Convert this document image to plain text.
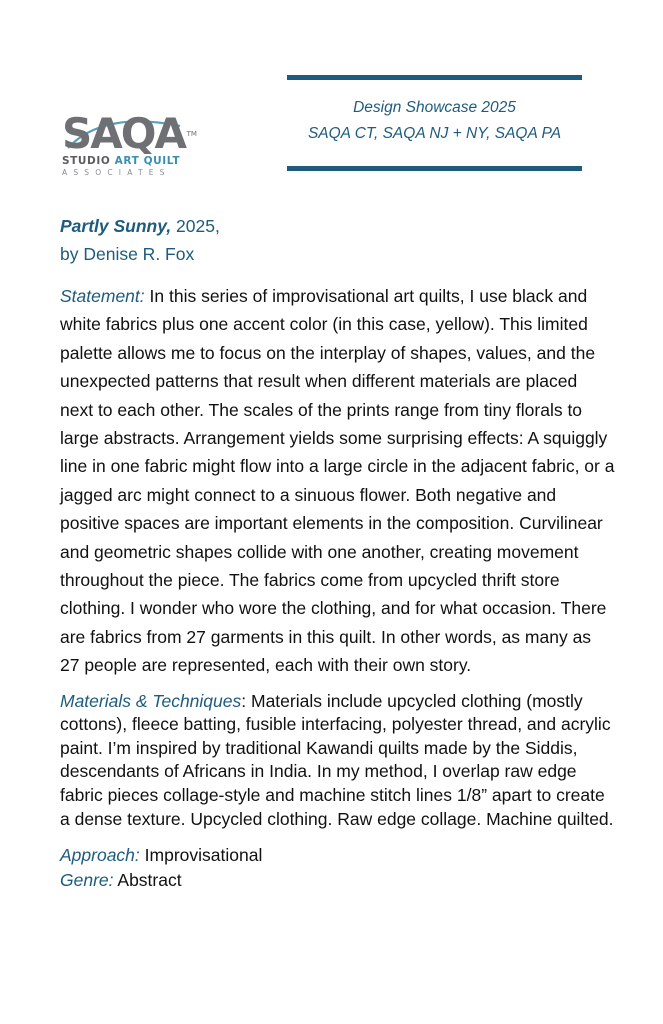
SAQA TM
STUDIO ART QUILT
ASSOCIATES
Design Showcase 2025
SAQA CT, SAQA NJ + NY, SAQA PA
Partly Sunny, 2025,
by Denise R. Fox

Statement: In this series of improvisational art quilts, I use black and white fabrics plus one accent color (in this case, yellow). This limited palette allows me to focus on the interplay of shapes, values, and the unexpected patterns that result when different materials are placed next to each other. The scales of the prints range from tiny florals to large abstracts. Arrangement yields some surprising effects: A squiggly line in one fabric might flow into a large circle in the adjacent fabric, or a jagged arc might connect to a sinuous flower. Both negative and positive spaces are important elements in the composition. Curvilinear and geometric shapes collide with one another, creating movement throughout the piece. The fabrics come from upcycled thrift store clothing. I wonder who wore the clothing, and for what occasion. There are fabrics from 27 garments in this quilt. In other words, as many as 27 people are represented, each with their own story.

Materials & Techniques: Materials include upcycled clothing (mostly cottons), fleece batting, fusible interfacing, polyester thread, and acrylic paint. I’m inspired by traditional Kawandi quilts made by the Siddis, descendants of Africans in India. In my method, I overlap raw edge fabric pieces collage-style and machine stitch lines 1/8” apart to create a dense texture. Upcycled clothing. Raw edge collage. Machine quilted.

Approach: Improvisational

Genre: Abstract
